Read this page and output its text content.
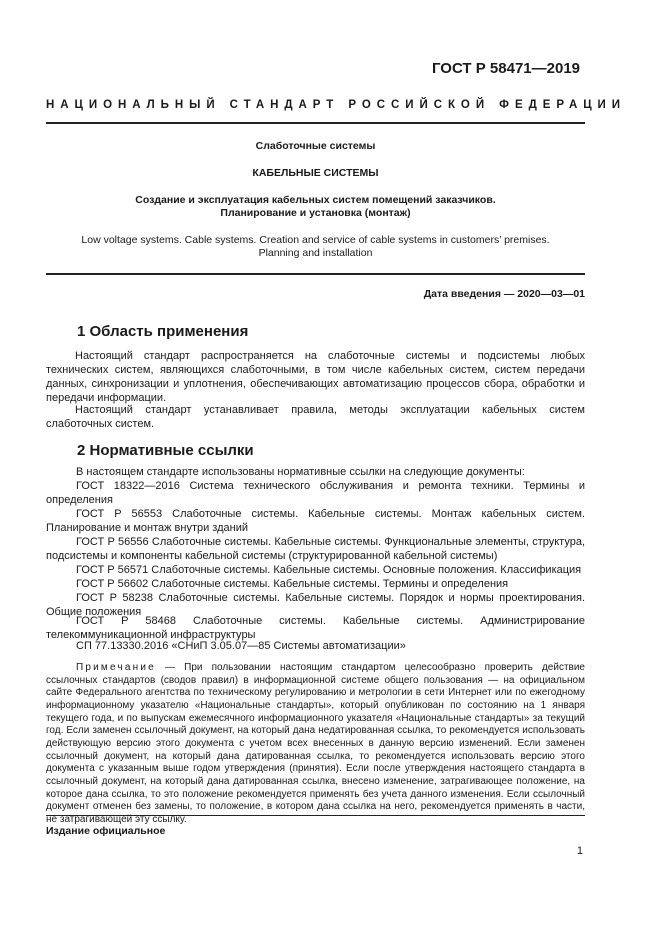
ГОСТ Р 58471—2019
НАЦИОНАЛЬНЫЙ СТАНДАРТ РОССИЙСКОЙ ФЕДЕРАЦИИ
Слаботочные системы
КАБЕЛЬНЫЕ СИСТЕМЫ
Создание и эксплуатация кабельных систем помещений заказчиков.
Планирование и установка (монтаж)
Low voltage systems. Cable systems. Creation and service of cable systems in customers’ premises.
Planning and installation
Дата введения — 2020—03—01
1 Область применения

Настоящий стандарт распространяется на слаботочные системы и подсистемы любых технических систем, являющихся слаботочными, в том числе кабельных систем, систем передачи данных, синхронизации и уплотнения, обеспечивающих автоматизацию процессов сбора, обработки и передачи информации.

Настоящий стандарт устанавливает правила, методы эксплуатации кабельных систем слаботочных систем.

2 Нормативные ссылки
В настоящем стандарте использованы нормативные ссылки на следующие документы:

ГОСТ 18322—2016 Система технического обслуживания и ремонта техники. Термины и определения

ГОСТ Р 56553 Слаботочные системы. Кабельные системы. Монтаж кабельных систем. Планирование и монтаж внутри зданий

ГОСТ Р 56556 Слаботочные системы. Кабельные системы. Функциональные элементы, структура, подсистемы и компоненты кабельной системы (структурированной кабельной системы)

ГОСТ Р 56571 Слаботочные системы. Кабельные системы. Основные положения. Классификация

ГОСТ Р 56602 Слаботочные системы. Кабельные системы. Термины и определения

ГОСТ Р 58238 Слаботочные системы. Кабельные системы. Порядок и нормы проектирования. Общие положения

ГОСТ Р 58468 Слаботочные системы. Кабельные системы. Администрирование телекоммуникационной инфраструктуры

СП 77.13330.2016 «СНиП 3.05.07—85 Системы автоматизации»

Примечание — При пользовании настоящим стандартом целесообразно проверить действие ссылочных стандартов (сводов правил) в информационной системе общего пользования — на официальном сайте Федерального агентства по техническому регулированию и метрологии в сети Интернет или по ежегодному информационному указателю «Национальные стандарты», который опубликован по состоянию на 1 января текущего года, и по выпускам ежемесячного информационного указателя «Национальные стандарты» за текущий год. Если заменен ссылочный документ, на который дана недатированная ссылка, то рекомендуется использовать действующую версию этого документа с учетом всех внесенных в данную версию изменений. Если заменен ссылочный документ, на который дана датированная ссылка, то рекомендуется использовать версию этого документа с указанным выше годом утверждения (принятия). Если после утверждения настоящего стандарта в ссылочный документ, на который дана датированная ссылка, внесено изменение, затрагивающее положение, на которое дана ссылка, то это положение рекомендуется применять без учета данного изменения. Если ссылочный документ отменен без замены, то положение, в котором дана ссылка на него, рекомендуется применять в части, не затрагивающей эту ссылку.

Издание официальное
1
